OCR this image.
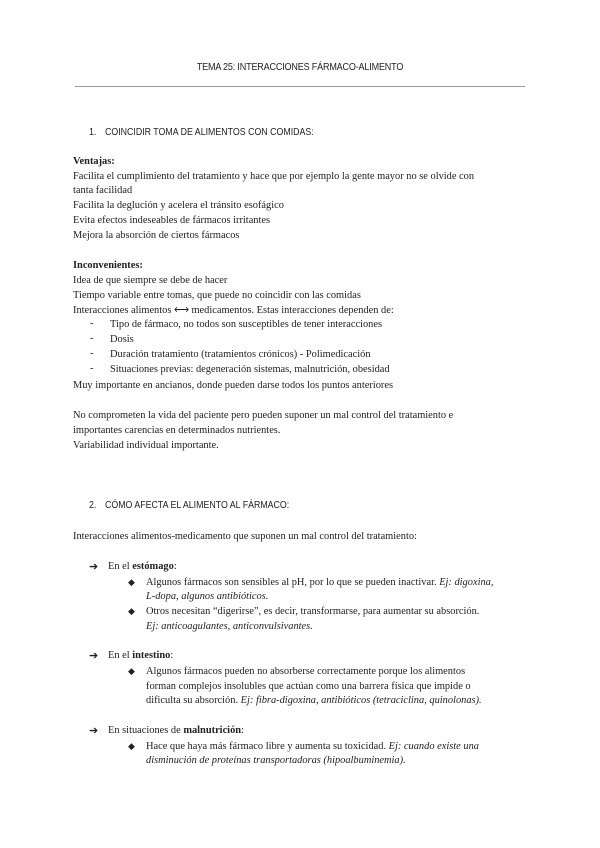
TEMA 25: INTERACCIONES FÁRMACO-ALIMENTO
1. COINCIDIR TOMA DE ALIMENTOS CON COMIDAS:
Ventajas:
Facilita el cumplimiento del tratamiento y hace que por ejemplo la gente mayor no se olvide con
tanta facilidad
Facilita la deglución y acelera el tránsito esofágico
Evita efectos indeseables de fármacos irritantes
Mejora la absorción de ciertos fármacos
Inconvenientes:
Idea de que siempre se debe de hacer
Tiempo variable entre tomas, que puede no coincidir con las comidas
Interacciones alimentos ⟷ medicamentos. Estas interacciones dependen de:
- Tipo de fármaco, no todos son susceptibles de tener interacciones
- Dosis
- Duración tratamiento (tratamientos crónicos) - Polimedicación
- Situaciones previas: degeneración sistemas, malnutrición, obesidad
Muy importante en ancianos, donde pueden darse todos los puntos anteriores
No comprometen la vida del paciente pero pueden suponer un mal control del tratamiento e
importantes carencias en determinados nutrientes.
Variabilidad individual importante.
2. CÓMO AFECTA EL ALIMENTO AL FÁRMACO:
Interacciones alimentos-medicamento que suponen un mal control del tratamiento:
➔ En el estómago:
◆ Algunos fármacos son sensibles al pH, por lo que se pueden inactivar. Ej: digoxina,
L-dopa, algunos antibióticos.
◆ Otros necesitan “digerirse”, es decir, transformarse, para aumentar su absorción.
Ej: anticoagulantes, anticonvulsivantes.
➔ En el intestino:
◆ Algunos fármacos pueden no absorberse correctamente porque los alimentos
forman complejos insolubles que actúan como una barrera física que impide o
dificulta su absorción. Ej: fibra-digoxina, antibióticos (tetraciclina, quinolonas).
➔ En situaciones de malnutrición:
◆ Hace que haya más fármaco libre y aumenta su toxicidad. Ej: cuando existe una
disminución de proteínas transportadoras (hipoalbuminemia).
